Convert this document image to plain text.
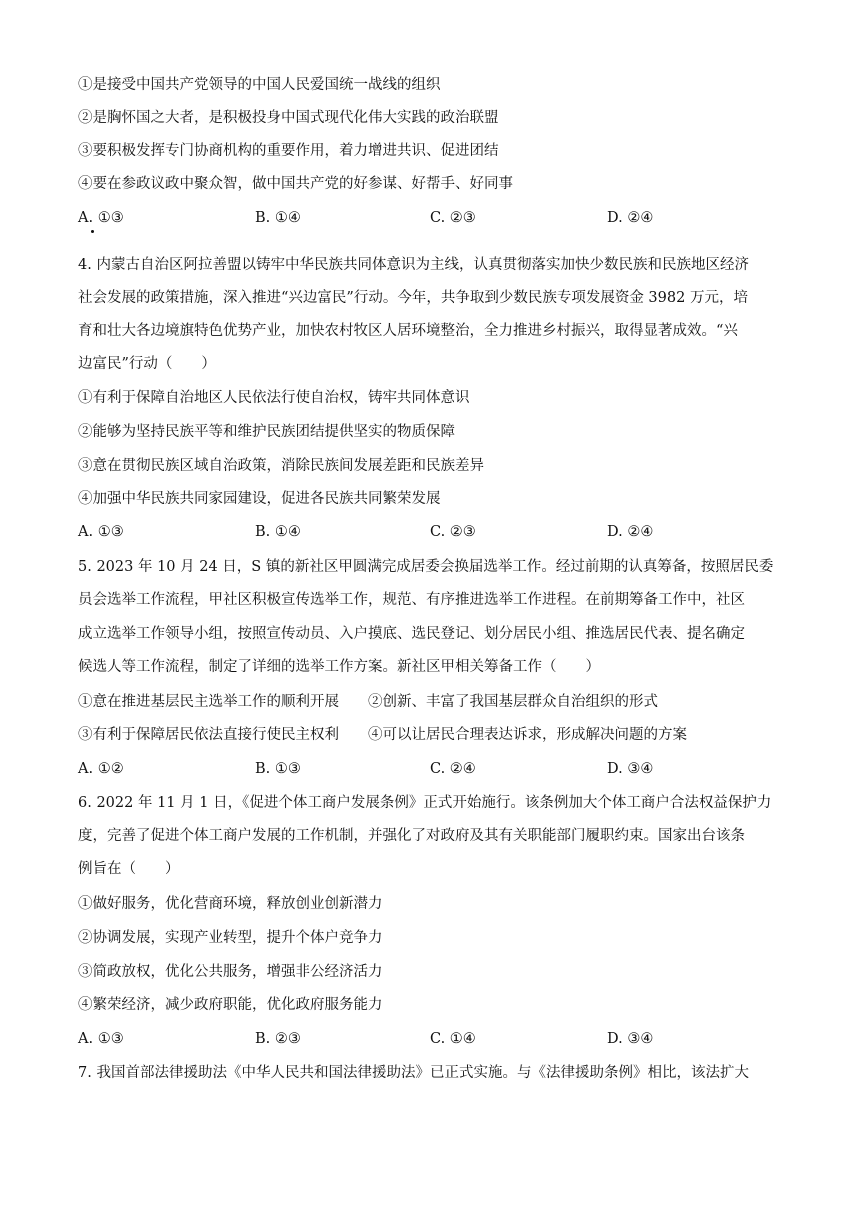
①是接受中国共产党领导的中国人民爱国统一战线的组织
②是胸怀国之大者，是积极投身中国式现代化伟大实践的政治联盟
③要积极发挥专门协商机构的重要作用，着力增进共识、促进团结
④要在参政议政中聚众智，做中国共产党的好参谋、好帮手、好同事
A. ①③	B. ①④	C. ②③	D. ②④
4. 内蒙古自治区阿拉善盟以铸牢中华民族共同体意识为主线，认真贯彻落实加快少数民族和民族地区经济
社会发展的政策措施，深入推进“兴边富民”行动。今年，共争取到少数民族专项发展资金 3982 万元，培
育和壮大各边境旗特色优势产业，加快农村牧区人居环境整治，全力推进乡村振兴，取得显著成效。“兴
边富民”行动（　　）
①有利于保障自治地区人民依法行使自治权，铸牢共同体意识
②能够为坚持民族平等和维护民族团结提供坚实的物质保障
③意在贯彻民族区域自治政策，消除民族间发展差距和民族差异
④加强中华民族共同家园建设，促进各民族共同繁荣发展
A. ①③	B. ①④	C. ②③	D. ②④
5. 2023 年 10 月 24 日，S 镇的新社区甲圆满完成居委会换届选举工作。经过前期的认真筹备，按照居民委
员会选举工作流程，甲社区积极宣传选举工作，规范、有序推进选举工作进程。在前期筹备工作中，社区
成立选举工作领导小组，按照宣传动员、入户摸底、选民登记、划分居民小组、推选居民代表、提名确定
候选人等工作流程，制定了详细的选举工作方案。新社区甲相关筹备工作（　　）
①意在推进基层民主选举工作的顺利开展　　②创新、丰富了我国基层群众自治组织的形式
③有利于保障居民依法直接行使民主权利　　④可以让居民合理表达诉求，形成解决问题的方案
A. ①②	B. ①③	C. ②④	D. ③④
6. 2022 年 11 月 1 日，《促进个体工商户发展条例》正式开始施行。该条例加大个体工商户合法权益保护力
度，完善了促进个体工商户发展的工作机制，并强化了对政府及其有关职能部门履职约束。国家出台该条
例旨在（　　）
①做好服务，优化营商环境，释放创业创新潜力
②协调发展，实现产业转型，提升个体户竞争力
③简政放权，优化公共服务，增强非公经济活力
④繁荣经济，减少政府职能，优化政府服务能力
A. ①③	B. ②③	C. ①④	D. ③④
7. 我国首部法律援助法《中华人民共和国法律援助法》已正式实施。与《法律援助条例》相比，该法扩大
